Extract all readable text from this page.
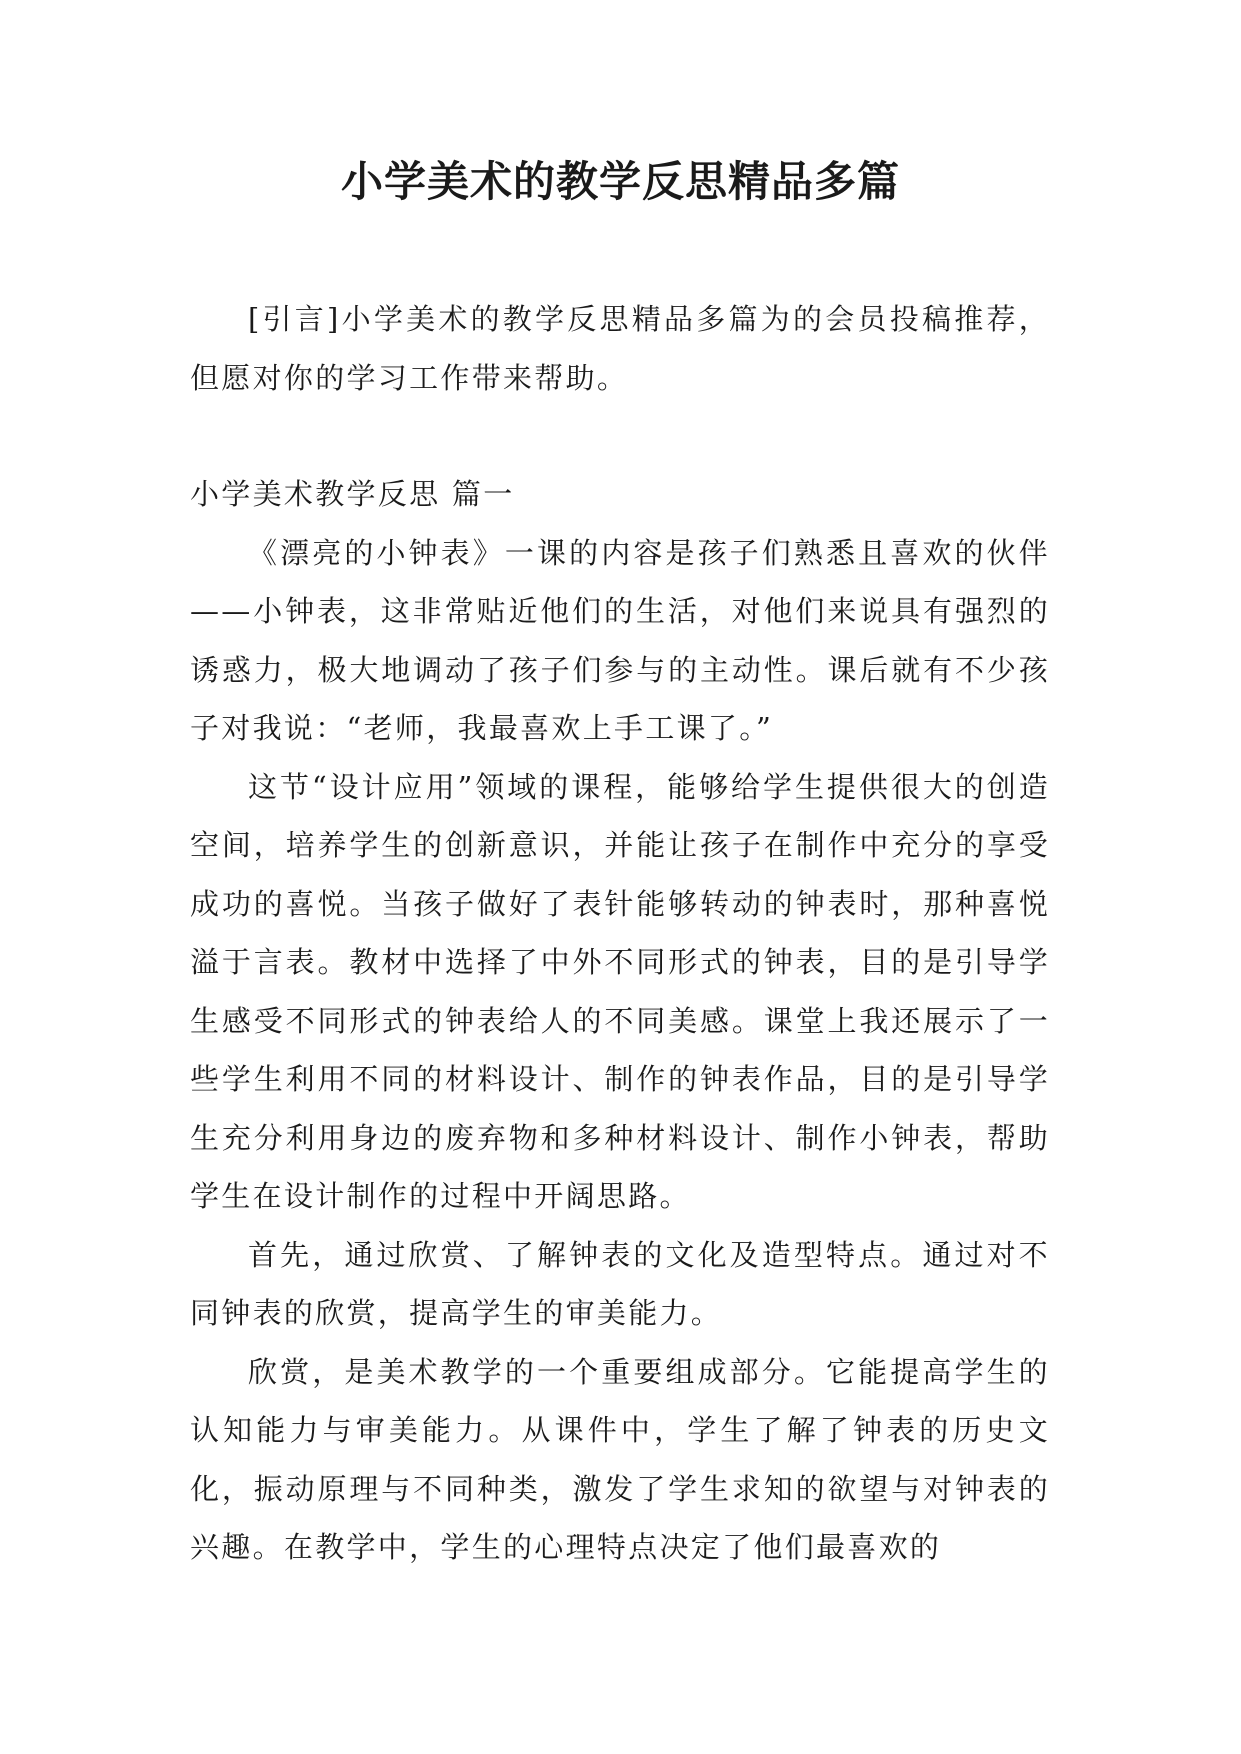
小学美术的教学反思精品多篇

[引言]小学美术的教学反思精品多篇为的会员投稿推荐，但愿对你的学习工作带来帮助。

小学美术教学反思 篇一

《漂亮的小钟表》一课的内容是孩子们熟悉且喜欢的伙伴——小钟表，这非常贴近他们的生活，对他们来说具有强烈的诱惑力，极大地调动了孩子们参与的主动性。课后就有不少孩子对我说：“老师，我最喜欢上手工课了。”

这节“设计应用”领域的课程，能够给学生提供很大的创造空间，培养学生的创新意识，并能让孩子在制作中充分的享受成功的喜悦。当孩子做好了表针能够转动的钟表时，那种喜悦溢于言表。教材中选择了中外不同形式的钟表，目的是引导学生感受不同形式的钟表给人的不同美感。课堂上我还展示了一些学生利用不同的材料设计、制作的钟表作品，目的是引导学生充分利用身边的废弃物和多种材料设计、制作小钟表，帮助学生在设计制作的过程中开阔思路。

首先，通过欣赏、了解钟表的文化及造型特点。通过对不同钟表的欣赏，提高学生的审美能力。

欣赏，是美术教学的一个重要组成部分。它能提高学生的认知能力与审美能力。从课件中，学生了解了钟表的历史文化，振动原理与不同种类，激发了学生求知的欲望与对钟表的兴趣。在教学中，学生的心理特点决定了他们最喜欢的
